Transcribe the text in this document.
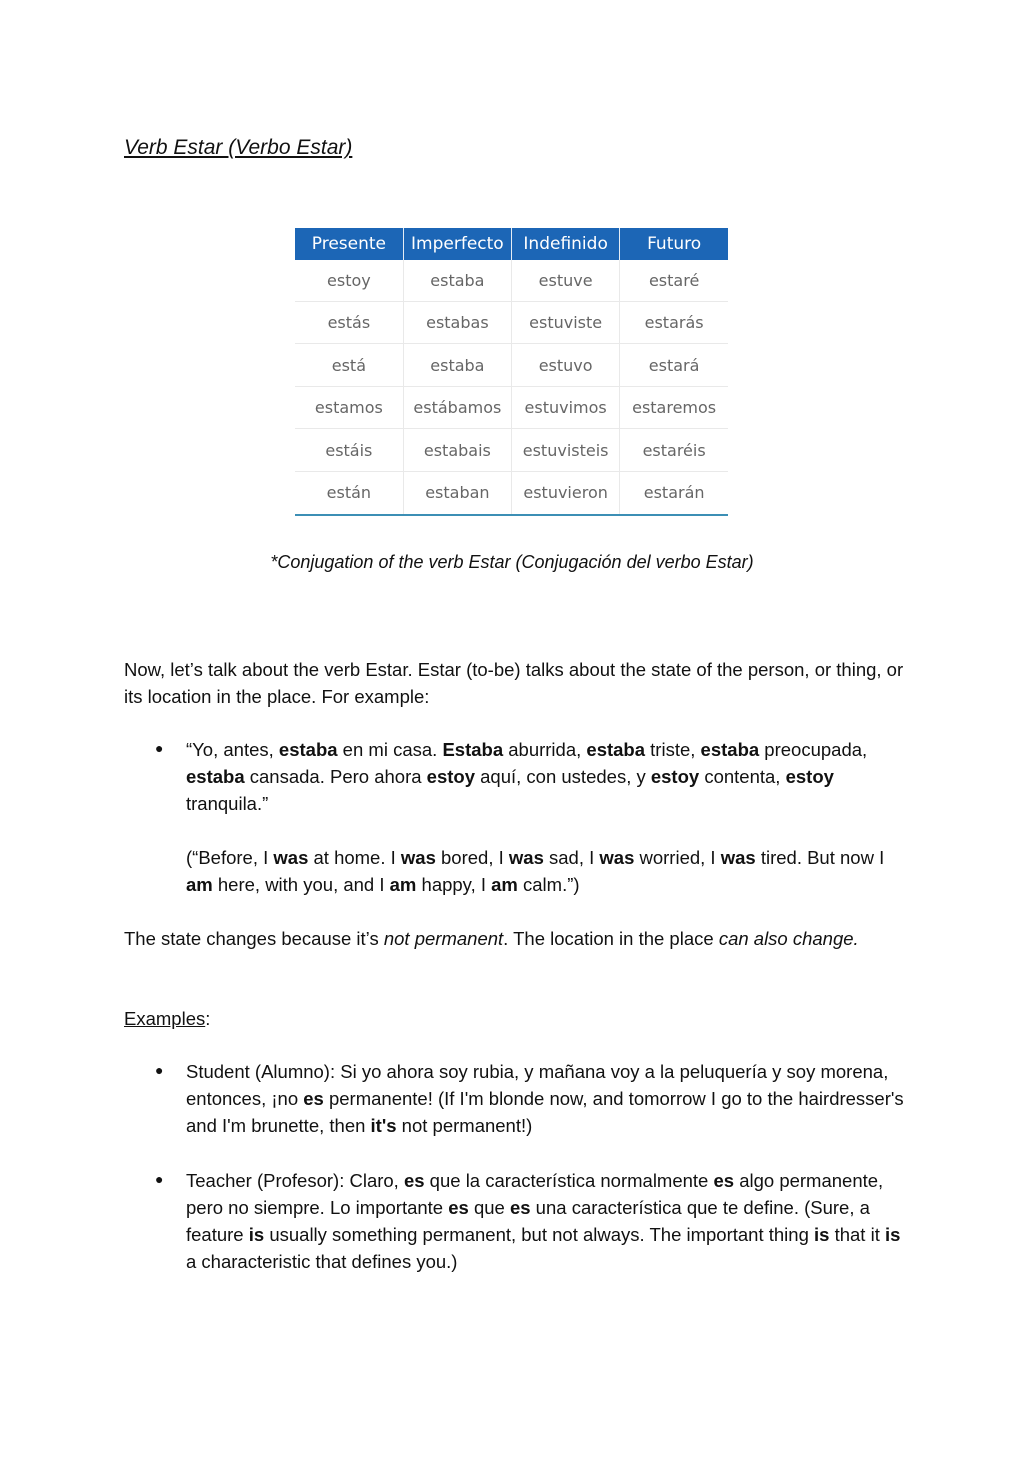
Verb Estar (Verbo Estar)
Presente	Imperfecto	Indefinido	Futuro
estoy	estaba	estuve	estaré
estás	estabas	estuviste	estarás
está	estaba	estuvo	estará
estamos	estábamos	estuvimos	estaremos
estáis	estabais	estuvisteis	estaréis
están	estaban	estuvieron	estarán
*Conjugation of the verb Estar (Conjugación del verbo Estar)
Now, let’s talk about the verb Estar. Estar (to-be) talks about the state of the person, or thing, or its location in the place. For example:
● “Yo, antes, estaba en mi casa. Estaba aburrida, estaba triste, estaba preocupada, estaba cansada. Pero ahora estoy aquí, con ustedes, y estoy contenta, estoy tranquila.”
(“Before, I was at home. I was bored, I was sad, I was worried, I was tired. But now I am here, with you, and I am happy, I am calm.”)
The state changes because it’s not permanent. The location in the place can also change.
Examples:
● Student (Alumno): Si yo ahora soy rubia, y mañana voy a la peluquería y soy morena, entonces, ¡no es permanente! (If I'm blonde now, and tomorrow I go to the hairdresser's and I'm brunette, then it's not permanent!)
● Teacher (Profesor): Claro, es que la característica normalmente es algo permanente, pero no siempre. Lo importante es que es una característica que te define. (Sure, a feature is usually something permanent, but not always. The important thing is that it is a characteristic that defines you.)
